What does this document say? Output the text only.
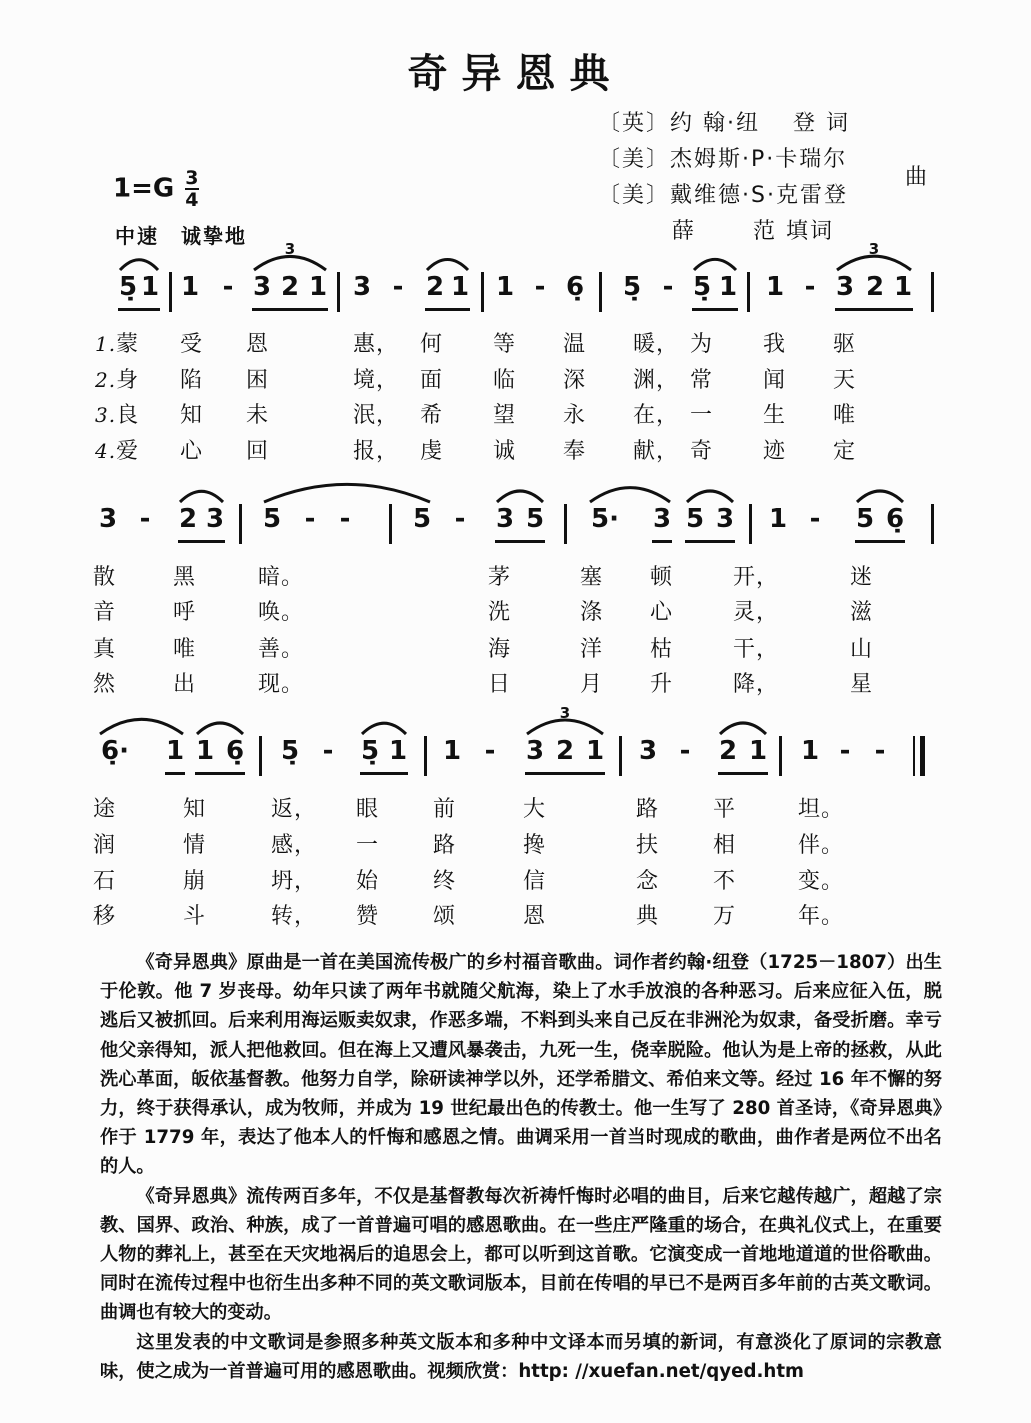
奇异恩典
〔英〕约 翰·纽　 登 词
〔美〕杰姆斯·P·卡瑞尔
〔美〕戴维德·S·克雷登
曲
薛　　 范 填词
$1=G \frac{3}{4}$
中速　诚挚地
5̣ 1 1 - 3 2 1 3 - 2 1 1 - 6̣ 5̣ - 5̣ 1 1 - 3 2 1
3	3
1.蒙 受 恩	惠， 何 等 温 暖， 为 我 驱
2.身 陷 困	境， 面 临 深 渊， 常 闻 天
3.良 知 未	泯， 希 望 永 在， 一 生 唯
4.爱 心 回	报， 虔 诚 奉 献， 奇 迹 定
3 - 2 3 5 - - 5 - 3 5 5· 3 5 3 1 - 5 6̣
散	黑	暗。	茅	塞 顿	开，	迷
音	呼	唤。	洗	涤 心	灵，	滋
真	唯	善。	海	洋 枯	干，	山
然	出	现。	日	月 升	降，	星
6̣· 1 1 6̣ 5̣ - 5̣ 1 1 - 3 2 1 3 - 2 1 1 - -
3
途	知	返， 眼 前	大	路 平	坦。
润	情	感， 一 路	搀	扶 相	伴。
石	崩	坍， 始 终	信	念 不	变。
移	斗	转， 赞 颂	恩	典 万	年。

《奇异恩典》原曲是一首在美国流传极广的乡村福音歌曲。词作者约翰·纽登（1725－1807）出生于伦敦。他 7 岁丧母。幼年只读了两年书就随父航海，染上了水手放浪的各种恶习。后来应征入伍，脱逃后又被抓回。后来利用海运贩卖奴隶，作恶多端，不料到头来自己反在非洲沦为奴隶，备受折磨。幸亏他父亲得知，派人把他救回。但在海上又遭风暴袭击，九死一生，侥幸脱险。他认为是上帝的拯救，从此洗心革面，皈依基督教。他努力自学，除研读神学以外，还学希腊文、希伯来文等。经过 16 年不懈的努力，终于获得承认，成为牧师，并成为 19 世纪最出色的传教士。他一生写了 280 首圣诗，《奇异恩典》作于 1779 年，表达了他本人的忏悔和感恩之情。曲调采用一首当时现成的歌曲，曲作者是两位不出名的人。

《奇异恩典》流传两百多年，不仅是基督教每次祈祷忏悔时必唱的曲目，后来它越传越广，超越了宗教、国界、政治、种族，成了一首普遍可唱的感恩歌曲。在一些庄严隆重的场合，在典礼仪式上，在重要人物的葬礼上，甚至在天灾地祸后的追思会上，都可以听到这首歌。它演变成一首地地道道的世俗歌曲。同时在流传过程中也衍生出多种不同的英文歌词版本，目前在传唱的早已不是两百多年前的古英文歌词。曲调也有较大的变动。

这里发表的中文歌词是参照多种英文版本和多种中文译本而另填的新词，有意淡化了原词的宗教意味，使之成为一首普遍可用的感恩歌曲。视频欣赏：http: //xuefan.net/qyed.htm
